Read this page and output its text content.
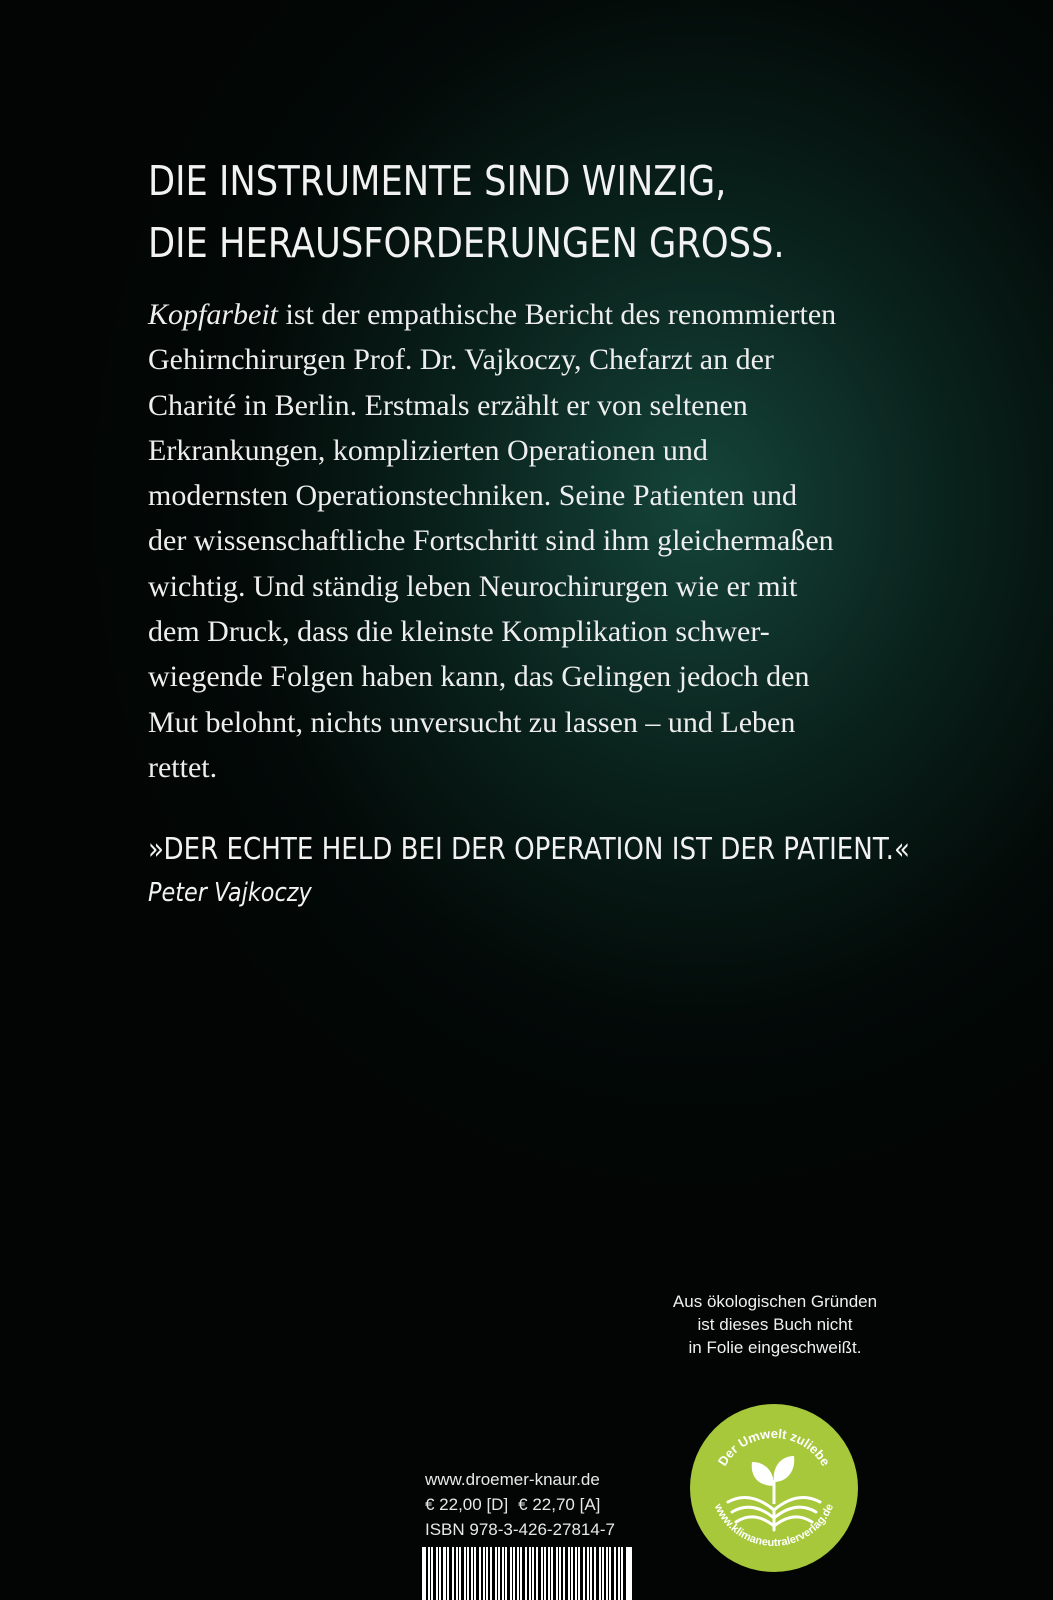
DIE INSTRUMENTE SIND WINZIG,
DIE HERAUSFORDERUNGEN GROSS.
Kopfarbeit ist der empathische Bericht des renommierten
Gehirnchirurgen Prof. Dr. Vajkoczy, Chefarzt an der
Charité in Berlin. Erstmals erzählt er von seltenen
Erkrankungen, komplizierten Operationen und
modernsten Operationstechniken. Seine Patienten und
der wissenschaftliche Fortschritt sind ihm gleichermaßen
wichtig. Und ständig leben Neurochirurgen wie er mit
dem Druck, dass die kleinste Komplikation schwer-
wiegende Folgen haben kann, das Gelingen jedoch den
Mut belohnt, nichts unversucht zu lassen – und Leben
rettet.
»DER ECHTE HELD BEI DER OPERATION IST DER PATIENT.«
Peter Vajkoczy
Aus ökologischen Gründen
ist dieses Buch nicht
in Folie eingeschweißt.
Der Umwelt zuliebe
www.klimaneutralerverlag.de
www.droemer-knaur.de
€ 22,00 [D] € 22,70 [A]
ISBN 978-3-426-27814-7
